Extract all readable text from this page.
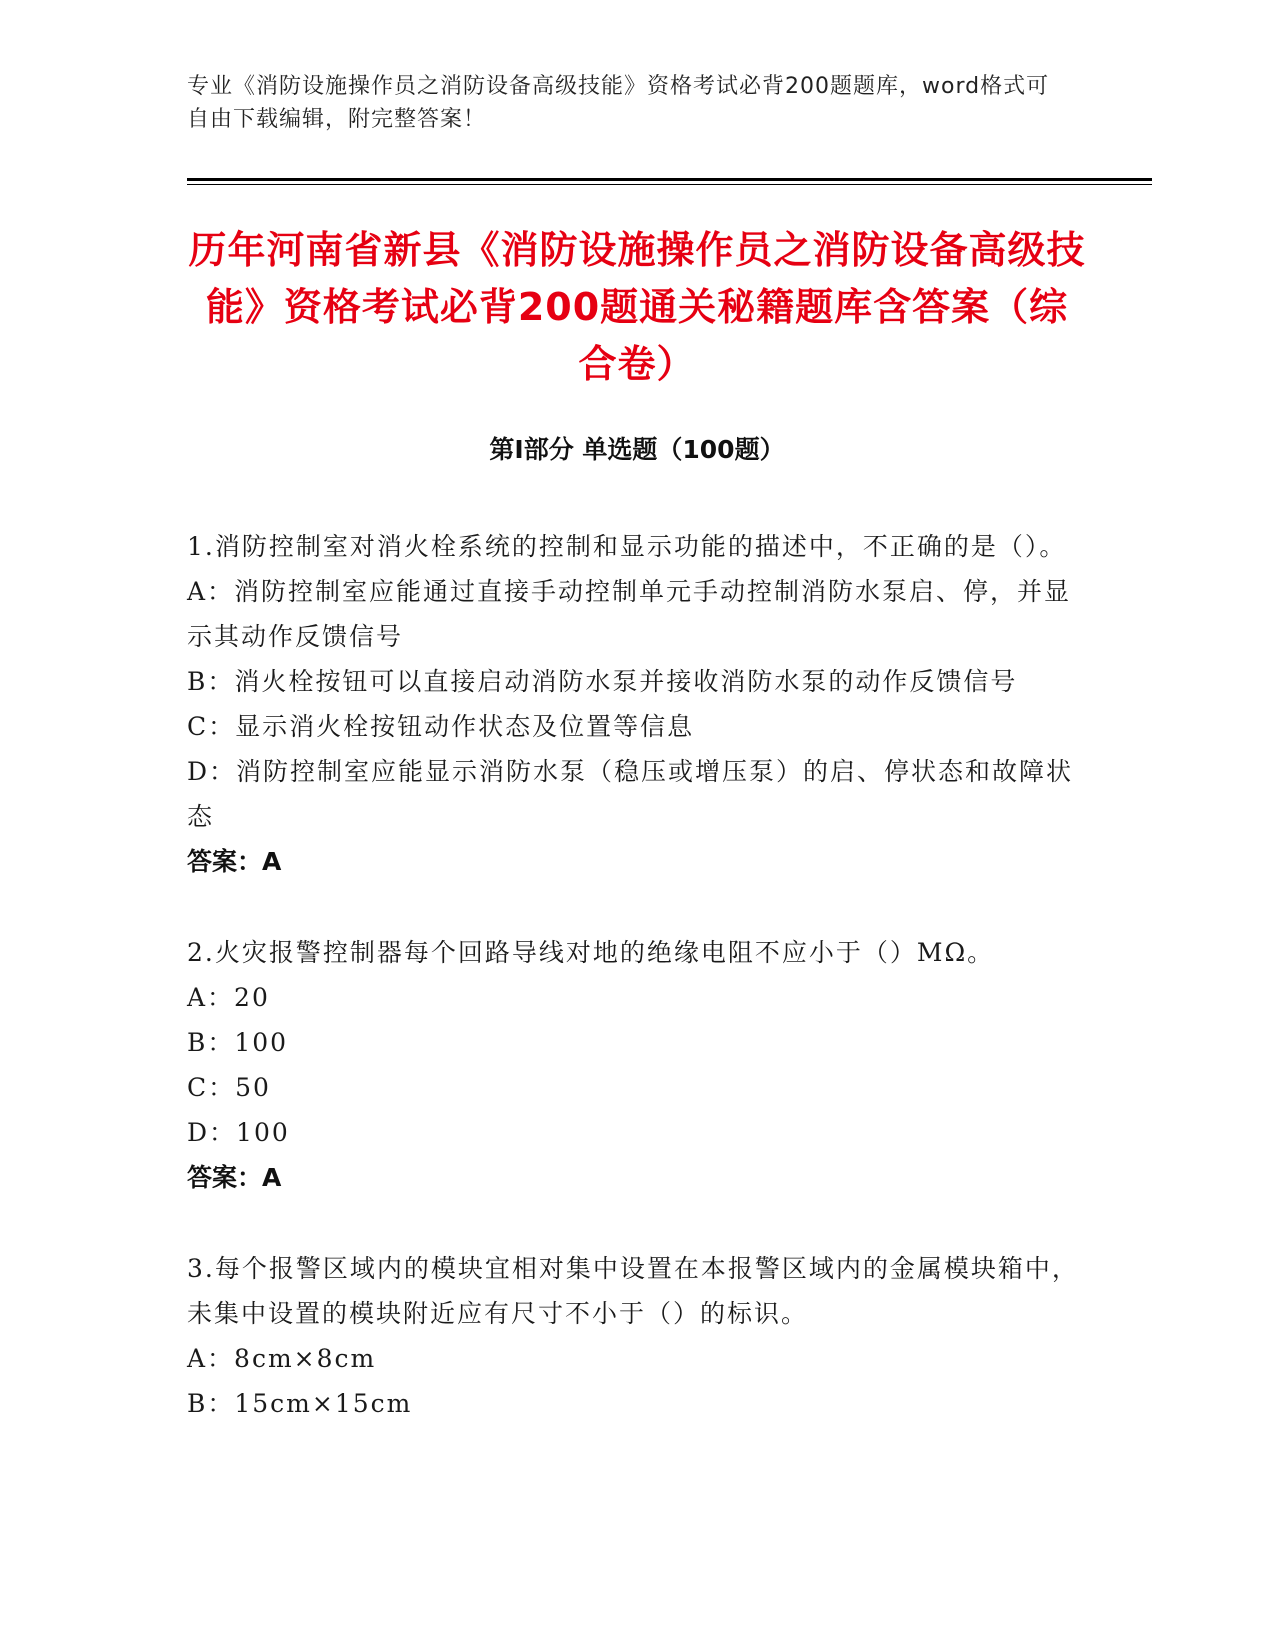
专业《消防设施操作员之消防设备高级技能》资格考试必背200题题库，word格式可自由下载编辑，附完整答案！
历年河南省新县《消防设施操作员之消防设备高级技能》资格考试必背200题通关秘籍题库含答案（综合卷）
第Ⅰ部分 单选题（100题）

1.消防控制室对消火栓系统的控制和显示功能的描述中，不正确的是（）。

A：消防控制室应能通过直接手动控制单元手动控制消防水泵启、停，并显示其动作反馈信号

B：消火栓按钮可以直接启动消防水泵并接收消防水泵的动作反馈信号

C：显示消火栓按钮动作状态及位置等信息

D：消防控制室应能显示消防水泵（稳压或增压泵）的启、停状态和故障状态

答案：A

2.火灾报警控制器每个回路导线对地的绝缘电阻不应小于（）MΩ。

A：20

B：100

C：50

D：100

答案：A

3.每个报警区域内的模块宜相对集中设置在本报警区域内的金属模块箱中，未集中设置的模块附近应有尺寸不小于（）的标识。

A：8cm×8cm

B：15cm×15cm
